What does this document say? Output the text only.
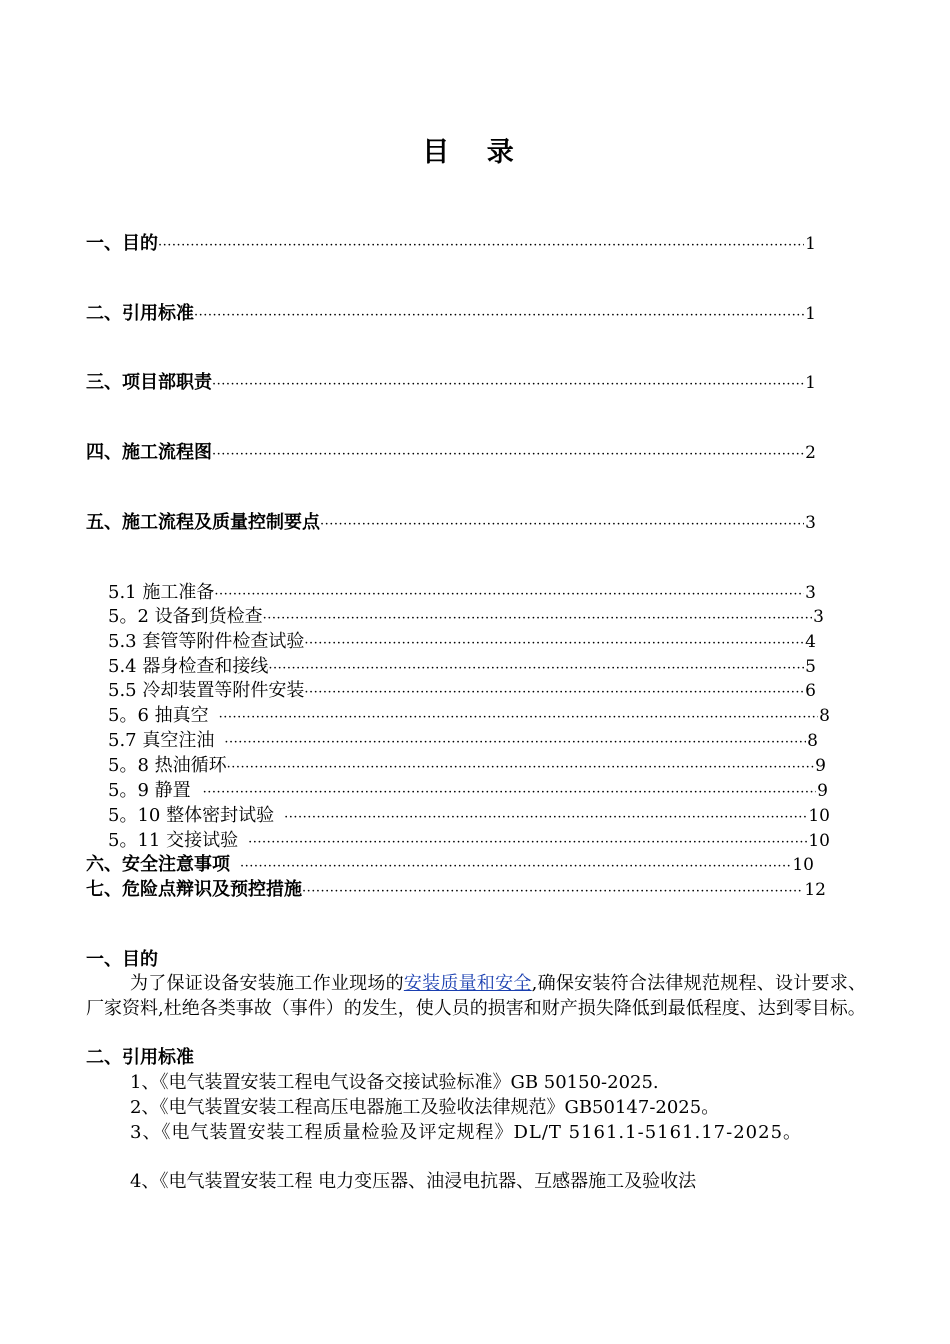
目 录
一、目的 ·····	1
二、引用标准 ·····	1
三、项目部职责 ·····	1
四、施工流程图 ·····	2
五、施工流程及质量控制要点 ·····	3
5.1 施工准备 ·····	3
5。2 设备到货检查 ·····	3
5.3 套管等附件检查试验 ·····	4
5.4 器身检查和接线 ·····	5
5.5 冷却装置等附件安装 ·····	6
5。6 抽真空 ·····	8
5.7 真空注油 ·····	8
5。8 热油循环 ·····	9
5。9 静置 ·····	9
5。10 整体密封试验 ·····	10
5。11 交接试验 ·····	10
六、安全注意事项 ·····	10
七、危险点辩识及预控措施 ·····	12
一、目的
为了保证设备安装施工作业现场的安装质量和安全,确保安装符合法律规范规程、设计要求、厂家资料,杜绝各类事故（事件）的发生，使人员的损害和财产损失降低到最低程度、达到零目标。
二、引用标准
1、《电气装置安装工程电气设备交接试验标准》GB 50150-2025.
2、《电气装置安装工程高压电器施工及验收法律规范》GB50147-2025。
3、《电气装置安装工程质量检验及评定规程》DL/T 5161.1-5161.17-2025。
4、《电气装置安装工程 电力变压器、油浸电抗器、互感器施工及验收法
